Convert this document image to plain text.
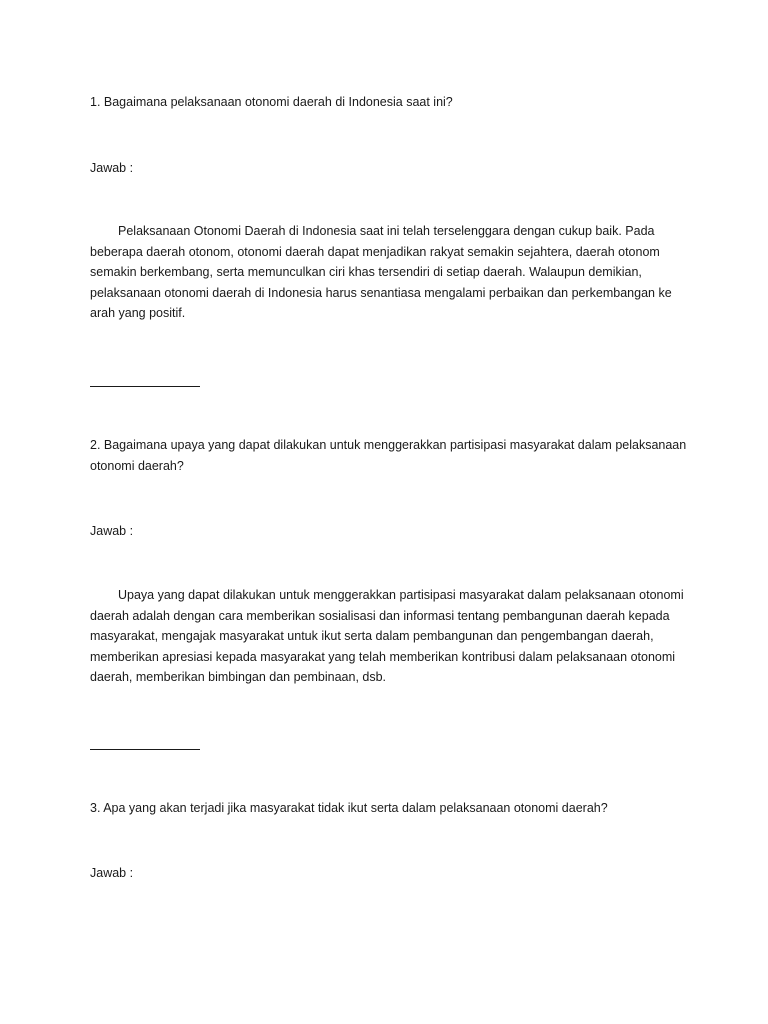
1. Bagaimana pelaksanaan otonomi daerah di Indonesia saat ini?

Jawab :

Pelaksanaan Otonomi Daerah di Indonesia saat ini telah terselenggara dengan cukup baik. Pada beberapa daerah otonom, otonomi daerah dapat menjadikan rakyat semakin sejahtera, daerah otonom semakin berkembang, serta memunculkan ciri khas tersendiri di setiap daerah. Walaupun demikian, pelaksanaan otonomi daerah di Indonesia harus senantiasa mengalami perbaikan dan perkembangan ke arah yang positif.

2. Bagaimana upaya yang dapat dilakukan untuk menggerakkan partisipasi masyarakat dalam pelaksanaan otonomi daerah?

Jawab :

Upaya yang dapat dilakukan untuk menggerakkan partisipasi masyarakat dalam pelaksanaan otonomi daerah adalah dengan cara memberikan sosialisasi dan informasi tentang pembangunan daerah kepada masyarakat, mengajak masyarakat untuk ikut serta dalam pembangunan dan pengembangan daerah, memberikan apresiasi kepada masyarakat yang telah memberikan kontribusi dalam pelaksanaan otonomi daerah, memberikan bimbingan dan pembinaan, dsb.

3. Apa yang akan terjadi jika masyarakat tidak ikut serta dalam pelaksanaan otonomi daerah?

Jawab :
